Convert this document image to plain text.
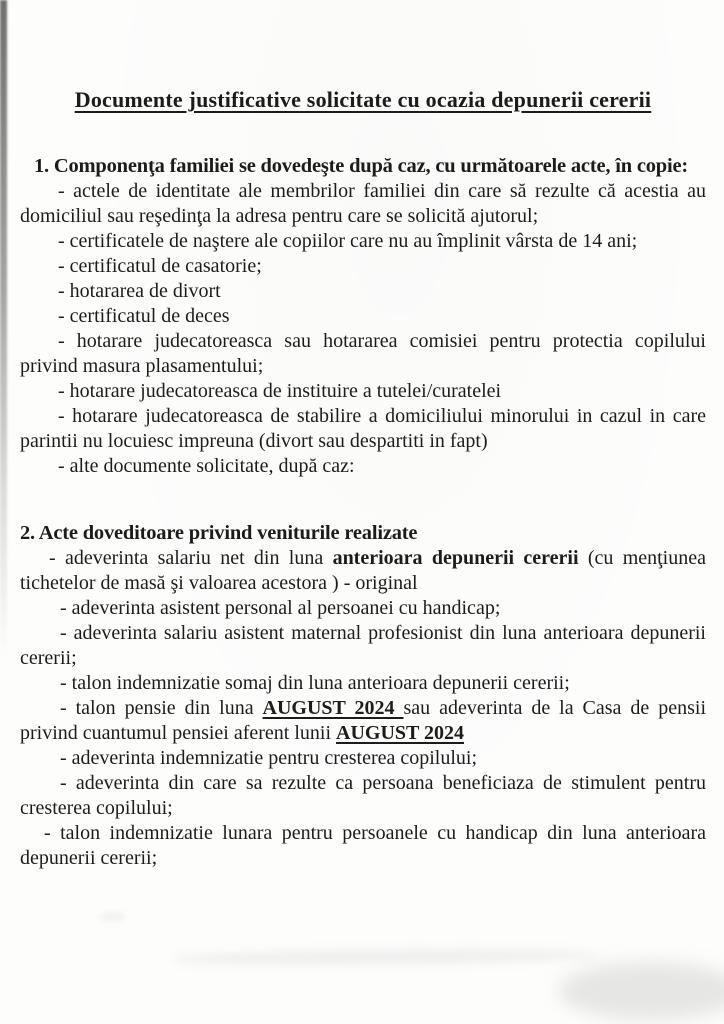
Documente justificative solicitate cu ocazia depunerii cererii

1. Componenţa familiei se dovedeşte după caz, cu următoarele acte, în copie:

- actele de identitate ale membrilor familiei din care să rezulte că acestia au domiciliul sau reşedinţa la adresa pentru care se solicită ajutorul;

- certificatele de naştere ale copiilor care nu au împlinit vârsta de 14 ani;

- certificatul de casatorie;

- hotararea de divort

- certificatul de deces

- hotarare judecatoreasca sau hotararea comisiei pentru protectia copilului privind masura plasamentului;

- hotarare judecatoreasca de instituire a tutelei/curatelei

- hotarare judecatoreasca de stabilire a domiciliului minorului in cazul in care parintii nu locuiesc impreuna (divort sau despartiti in fapt)

- alte documente solicitate, după caz:

2. Acte doveditoare privind veniturile realizate

- adeverinta salariu net din luna anterioara depunerii cererii (cu menţiunea tichetelor de masă şi valoarea acestora ) - original

- adeverinta asistent personal al persoanei cu handicap;

- adeverinta salariu asistent maternal profesionist din luna anterioara depunerii cererii;

- talon indemnizatie somaj din luna anterioara depunerii cererii;

- talon pensie din luna AUGUST 2024 sau adeverinta de la Casa de pensii privind cuantumul pensiei aferent lunii AUGUST 2024

- adeverinta indemnizatie pentru cresterea copilului;

- adeverinta din care sa rezulte ca persoana beneficiaza de stimulent pentru cresterea copilului;

- talon indemnizatie lunara pentru persoanele cu handicap din luna anterioara depunerii cererii;
